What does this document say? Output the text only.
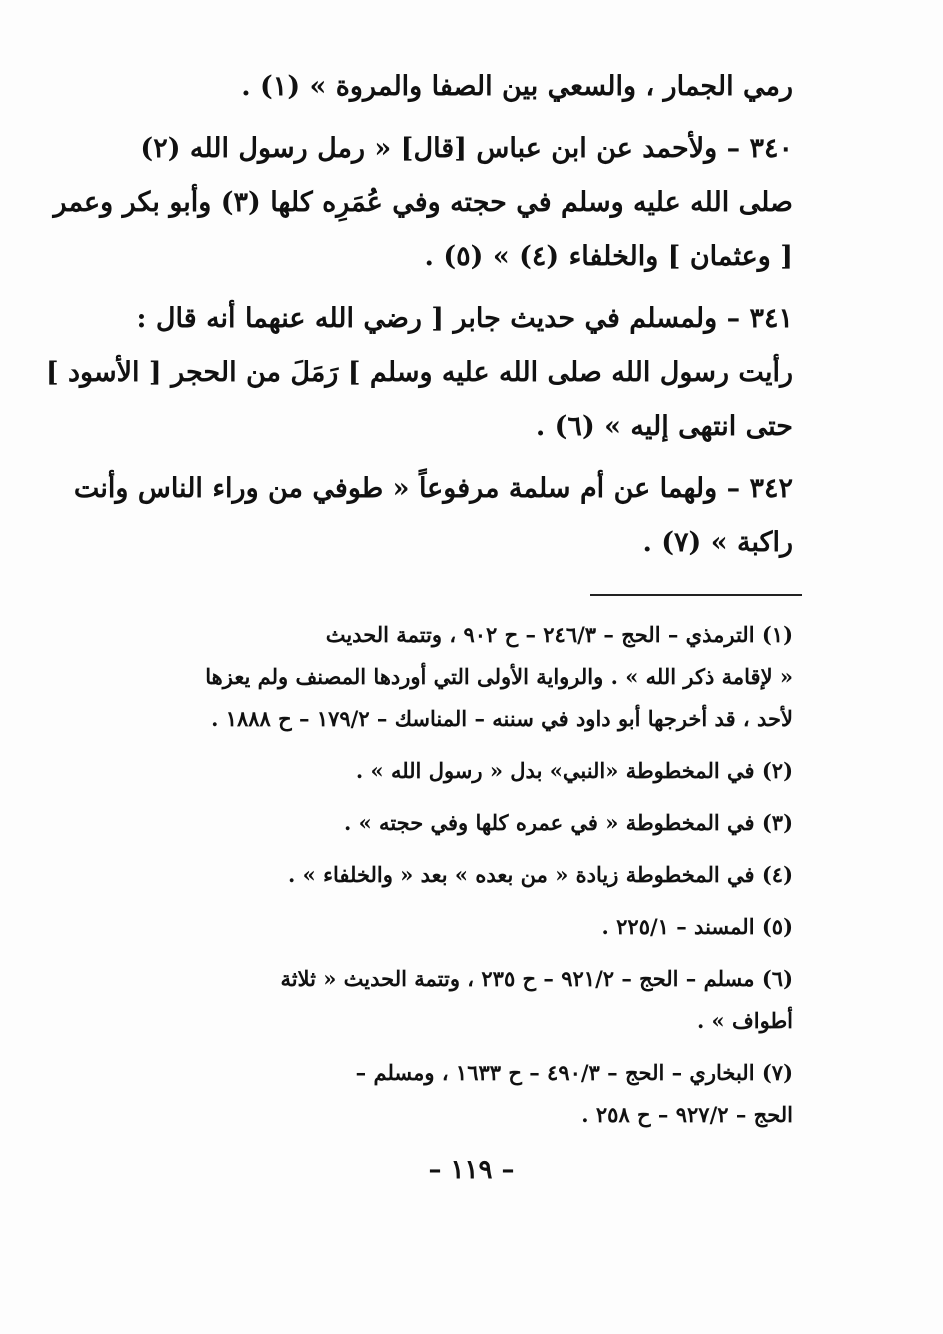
رمي الجمار ، والسعي بين الصفا والمروة » (١) .
٣٤٠ – ولأحمد عن ابن عباس [قال] « رمل رسول الله (٢)
صلى الله عليه وسلم في حجته وفي عُمَرِه كلها (٣) وأبو بكر وعمر
[ وعثمان ] والخلفاء (٤) » (٥) .
٣٤١ – ولمسلم في حديث جابر [ رضي الله عنهما أنه قال :
رأيت رسول الله صلى الله عليه وسلم ] رَمَلَ من الحجر [ الأسود ]
حتى انتهى إليه » (٦) .
٣٤٢ – ولهما عن أم سلمة مرفوعاً « طوفي من وراء الناس وأنت
راكبة » (٧) .
(١) الترمذي – الحج – ٢٤٦/٣ – ح ٩٠٢ ، وتتمة الحديث
« لإقامة ذكر الله » . والرواية الأولى التي أوردها المصنف ولم يعزها
لأحد ، قد أخرجها أبو داود في سننه – المناسك – ١٧٩/٢ – ح ١٨٨٨ .
(٢) في المخطوطة «النبي» بدل « رسول الله » .
(٣) في المخطوطة « في عمره كلها وفي حجته » .
(٤) في المخطوطة زيادة « من بعده » بعد « والخلفاء » .
(٥) المسند – ٢٢٥/١ .
(٦) مسلم – الحج – ٩٢١/٢ – ح ٢٣٥ ، وتتمة الحديث « ثلاثة
أطواف » .
(٧) البخاري – الحج – ٤٩٠/٣ – ح ١٦٣٣ ، ومسلم –
الحج – ٩٢٧/٢ – ح ٢٥٨ .
– ١١٩ –
